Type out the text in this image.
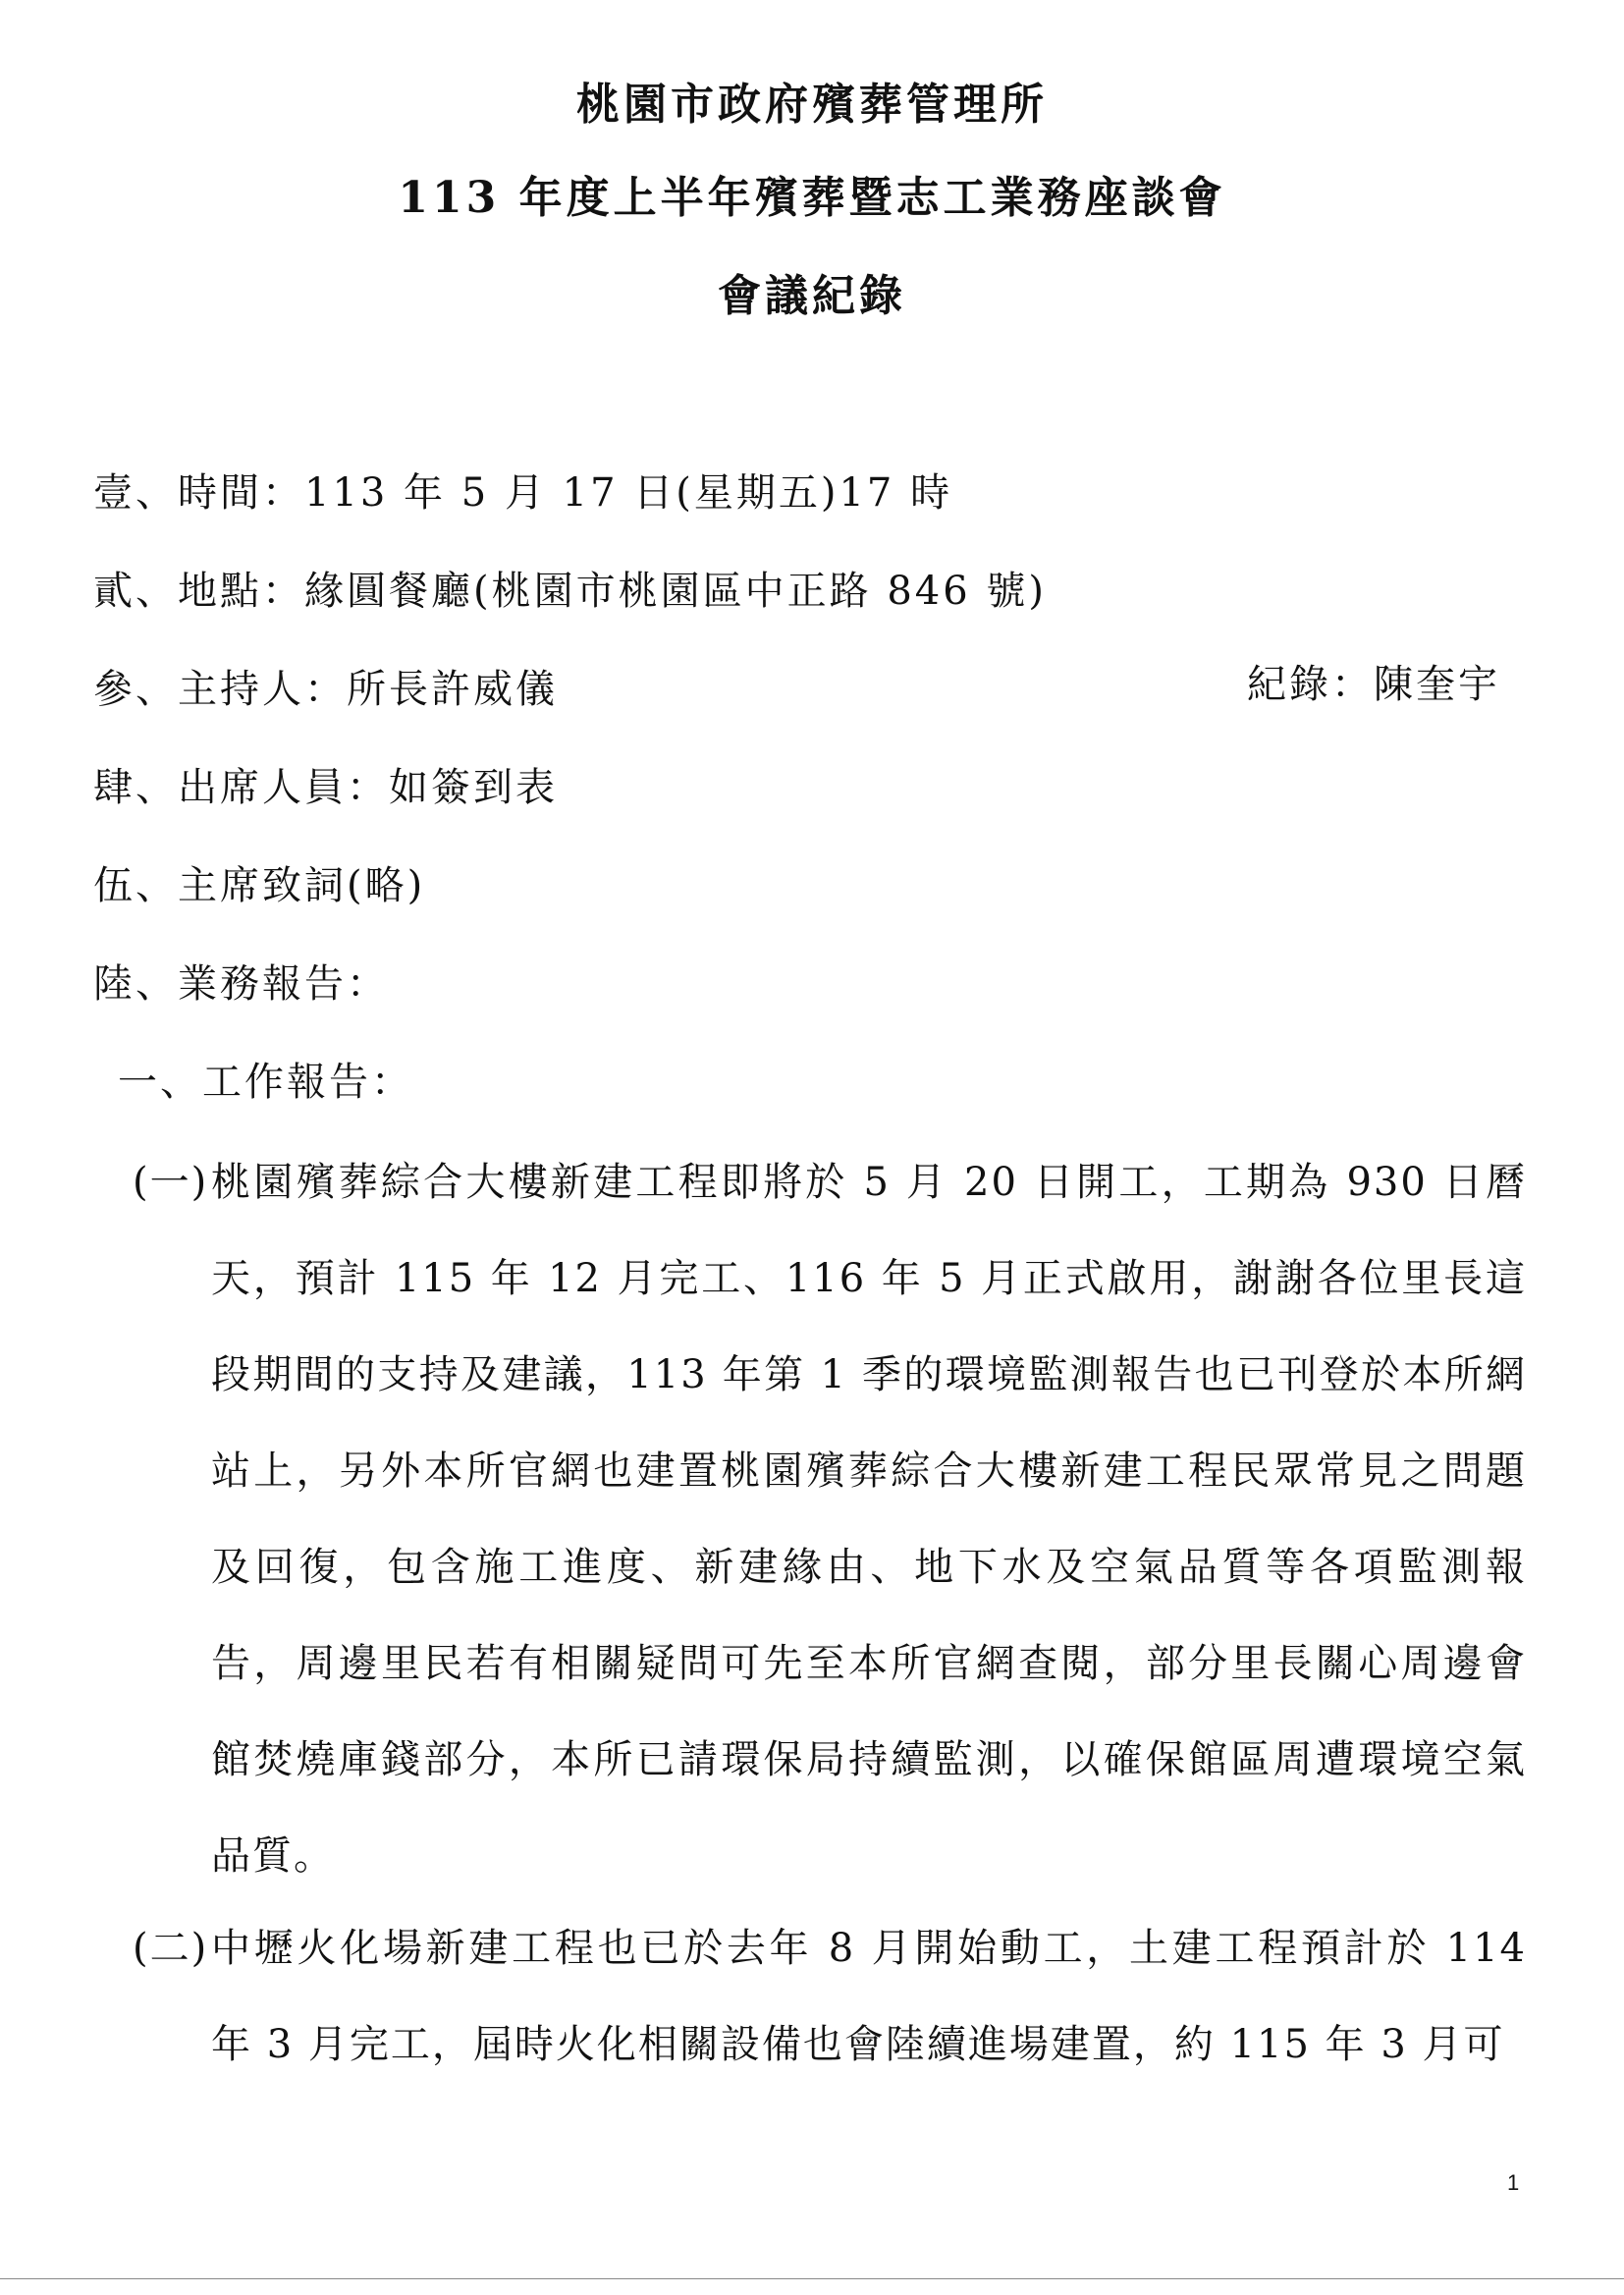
桃園市政府殯葬管理所
113 年度上半年殯葬暨志工業務座談會
會議紀錄
壹、時間：113 年 5 月 17 日(星期五)17 時
貳、地點：緣圓餐廳(桃園市桃園區中正路 846 號)
參、主持人：所長許威儀	紀錄：陳奎宇
肆、出席人員：如簽到表
伍、主席致詞(略)
陸、業務報告：
一、工作報告：
(一) 桃園殯葬綜合大樓新建工程即將於 5 月 20 日開工，工期為 930 日曆天，預計 115 年 12 月完工、116 年 5 月正式啟用，謝謝各位里長這段期間的支持及建議，113 年第 1 季的環境監測報告也已刊登於本所網站上，另外本所官網也建置桃園殯葬綜合大樓新建工程民眾常見之問題及回復，包含施工進度、新建緣由、地下水及空氣品質等各項監測報告，周邊里民若有相關疑問可先至本所官網查閱，部分里長關心周邊會館焚燒庫錢部分，本所已請環保局持續監測，以確保館區周遭環境空氣品質。
(二) 中壢火化場新建工程也已於去年 8 月開始動工，土建工程預計於 114 年 3 月完工，屆時火化相關設備也會陸續進場建置，約 115 年 3 月可
1
